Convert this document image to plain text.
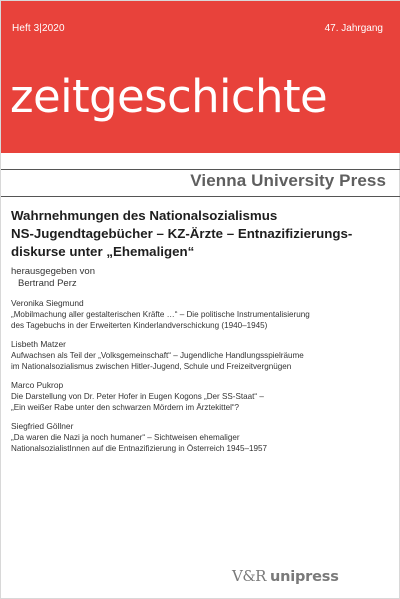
Heft 3|2020	47. Jahrgang
zeitgeschichte
Vienna University Press
Wahrnehmungen des Nationalsozialismus
NS-Jugendtagebücher – KZ-Ärzte – Entnazifizierungs-
diskurse unter „Ehemaligen“
herausgegeben von
Bertrand Perz
Veronika Siegmund
„Mobilmachung aller gestalterischen Kräfte …“ – Die politische Instrumentalisierung
des Tagebuchs in der Erweiterten Kinderlandverschickung (1940–1945)
Lisbeth Matzer
Aufwachsen als Teil der „Volksgemeinschaft“ – Jugendliche Handlungsspielräume
im Nationalsozialismus zwischen Hitler-Jugend, Schule und Freizeitvergnügen
Marco Pukrop
Die Darstellung von Dr. Peter Hofer in Eugen Kogons „Der SS-Staat“ –
„Ein weißer Rabe unter den schwarzen Mördern im Ärztekittel“?
Siegfried Göllner
„Da waren die Nazi ja noch humaner“ – Sichtweisen ehemaliger
NationalsozialistInnen auf die Entnazifizierung in Österreich 1945–1957
V&R unipress
